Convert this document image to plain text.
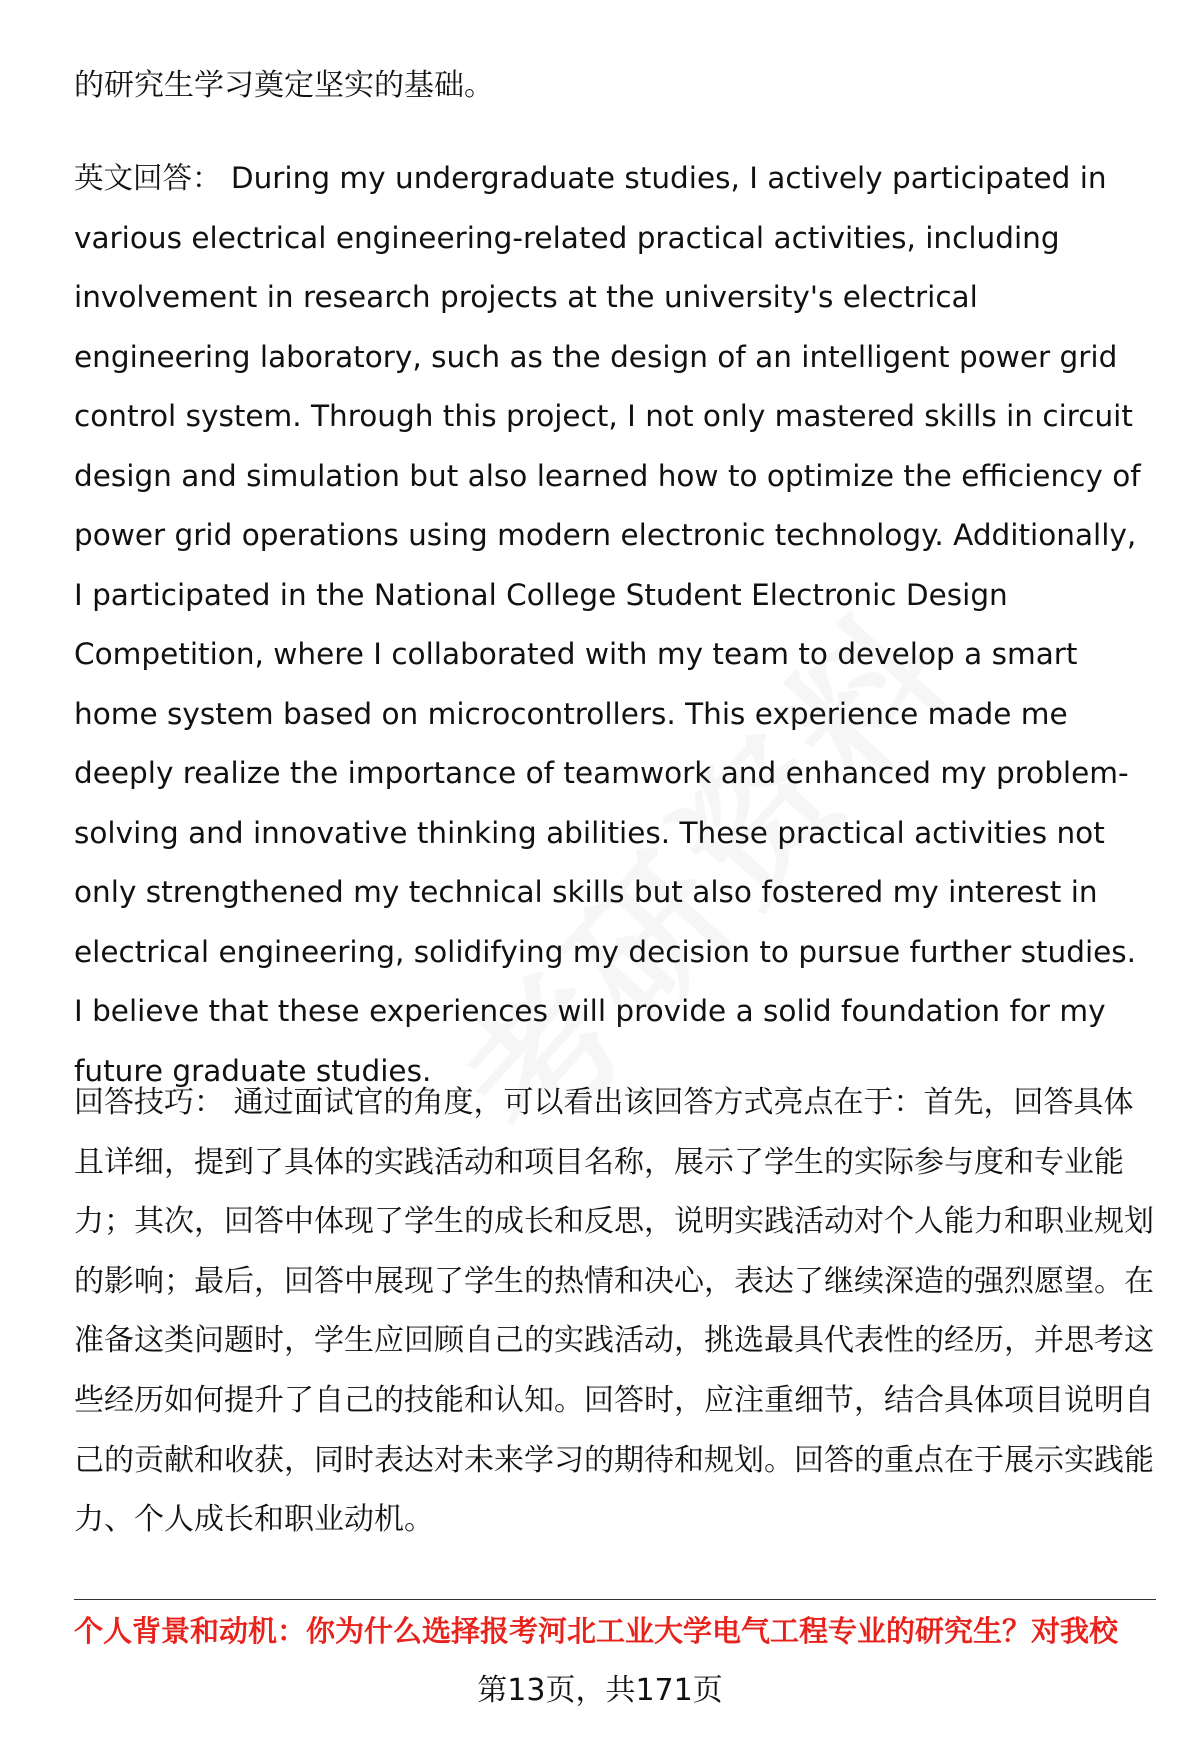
的研究生学习奠定坚实的基础。

英文回答： During my undergraduate studies, I actively participated in various electrical engineering-related practical activities, including involvement in research projects at the university's electrical engineering laboratory, such as the design of an intelligent power grid control system. Through this project, I not only mastered skills in circuit design and simulation but also learned how to optimize the efficiency of power grid operations using modern electronic technology. Additionally, I participated in the National College Student Electronic Design Competition, where I collaborated with my team to develop a smart home system based on microcontrollers. This experience made me deeply realize the importance of teamwork and enhanced my problem-solving and innovative thinking abilities. These practical activities not only strengthened my technical skills but also fostered my interest in electrical engineering, solidifying my decision to pursue further studies. I believe that these experiences will provide a solid foundation for my future graduate studies.

回答技巧： 通过面试官的角度，可以看出该回答方式亮点在于：首先，回答具体且详细，提到了具体的实践活动和项目名称，展示了学生的实际参与度和专业能力；其次，回答中体现了学生的成长和反思，说明实践活动对个人能力和职业规划的影响；最后，回答中展现了学生的热情和决心，表达了继续深造的强烈愿望。在准备这类问题时，学生应回顾自己的实践活动，挑选最具代表性的经历，并思考这些经历如何提升了自己的技能和认知。回答时，应注重细节，结合具体项目说明自己的贡献和收获，同时表达对未来学习的期待和规划。回答的重点在于展示实践能力、个人成长和职业动机。

个人背景和动机：你为什么选择报考河北工业大学电气工程专业的研究生？对我校

第13页，共171页
